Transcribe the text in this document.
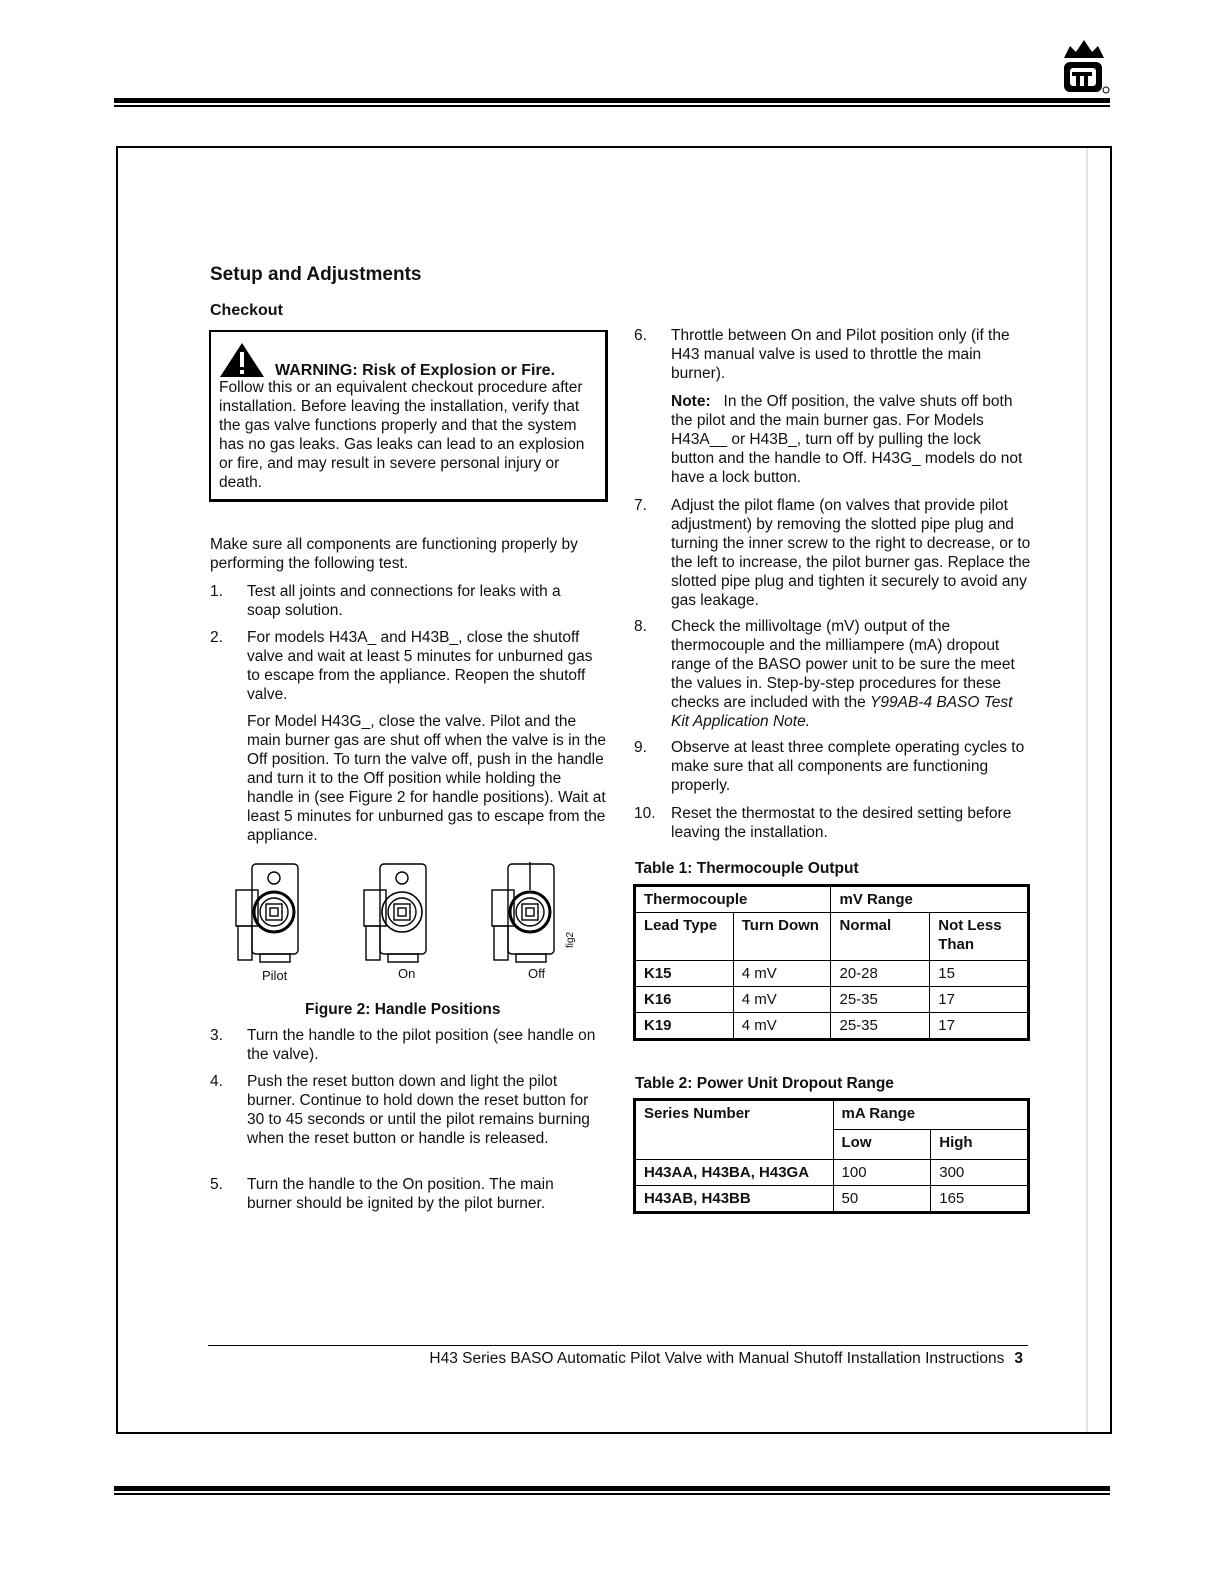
Setup and Adjustments
Checkout
WARNING: Risk of Explosion or Fire.
Follow this or an equivalent checkout procedure after installation. Before leaving the installation, verify that the gas valve functions properly and that the system has no gas leaks. Gas leaks can lead to an explosion or fire, and may result in severe personal injury or death.
Make sure all components are functioning properly by performing the following test.
1. Test all joints and connections for leaks with a soap solution.
2. For models H43A_ and H43B_, close the shutoff valve and wait at least 5 minutes for unburned gas to escape from the appliance. Reopen the shutoff valve.
For Model H43G_, close the valve. Pilot and the main burner gas are shut off when the valve is in the Off position. To turn the valve off, push in the handle and turn it to the Off position while holding the handle in (see Figure 2 for handle positions). Wait at least 5 minutes for unburned gas to escape from the appliance.
Pilot	On	Off
fig2
Figure 2: Handle Positions
3. Turn the handle to the pilot position (see handle on the valve).
4. Push the reset button down and light the pilot burner. Continue to hold down the reset button for 30 to 45 seconds or until the pilot remains burning when the reset button or handle is released.
5. Turn the handle to the On position. The main burner should be ignited by the pilot burner.
6. Throttle between On and Pilot position only (if the H43 manual valve is used to throttle the main burner).
Note: In the Off position, the valve shuts off both the pilot and the main burner gas. For Models H43A__ or H43B_, turn off by pulling the lock button and the handle to Off. H43G_ models do not have a lock button.
7. Adjust the pilot flame (on valves that provide pilot adjustment) by removing the slotted pipe plug and turning the inner screw to the right to decrease, or to the left to increase, the pilot burner gas. Replace the slotted pipe plug and tighten it securely to avoid any gas leakage.
8. Check the millivoltage (mV) output of the thermocouple and the milliampere (mA) dropout range of the BASO power unit to be sure the meet the values in. Step-by-step procedures for these checks are included with the Y99AB-4 BASO Test Kit Application Note.
9. Observe at least three complete operating cycles to make sure that all components are functioning properly.
10. Reset the thermostat to the desired setting before leaving the installation.
Table 1: Thermocouple Output
Thermocouple		mV Range	
Lead Type	Turn Down	Normal	Not Less Than
K15	4 mV	20-28	15
K16	4 mV	25-35	17
K19	4 mV	25-35	17
Table 2: Power Unit Dropout Range
Series Number	mA Range	
	Low	High
H43AA, H43BA, H43GA	100	300
H43AB, H43BB	50	165
H43 Series BASO Automatic Pilot Valve with Manual Shutoff Installation Instructions 3
